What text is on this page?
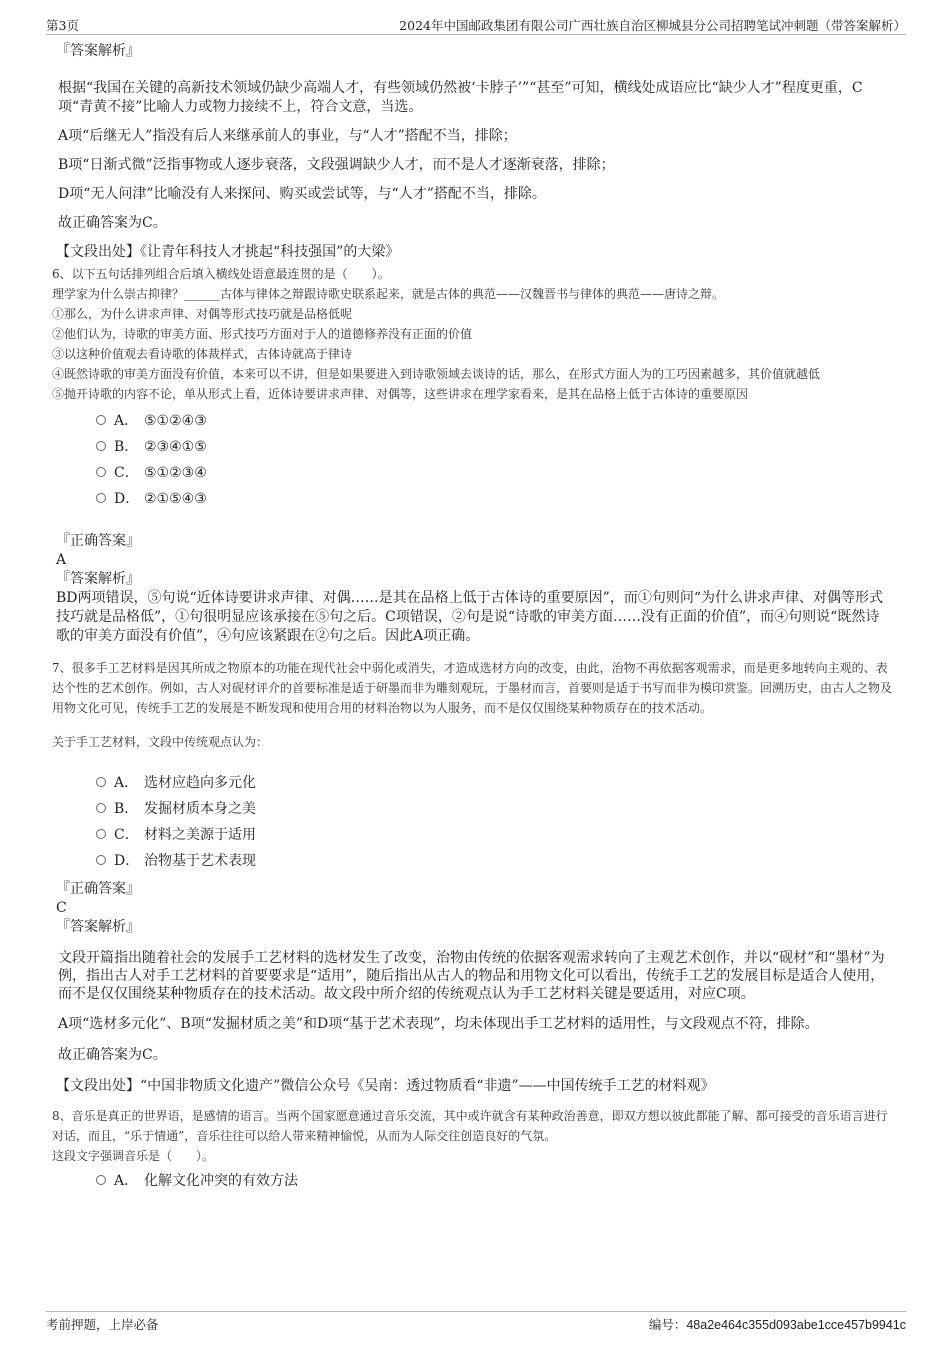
第3页	2024年中国邮政集团有限公司广西壮族自治区柳城县分公司招聘笔试冲刺题（带答案解析）

『答案解析』

根据“我国在关键的高新技术领域仍缺少高端人才，有些领域仍然被‘卡脖子’”“甚至”可知，横线处成语应比“缺少人才”程度更重，C项“青黄不接”比喻人力或物力接续不上，符合文意，当选。

A项“后继无人”指没有后人来继承前人的事业，与“人才”搭配不当，排除；

B项“日渐式微”泛指事物或人逐步衰落，文段强调缺少人才，而不是人才逐渐衰落，排除；

D项“无人问津”比喻没有人来探问、购买或尝试等，与“人才”搭配不当，排除。

故正确答案为C。

【文段出处】《让青年科技人才挑起“科技强国”的大梁》

6、以下五句话排列组合后填入横线处语意最连贯的是（　　）。

理学家为什么崇古抑律？______古体与律体之辩跟诗歌史联系起来，就是古体的典范——汉魏晋书与律体的典范——唐诗之辩。

①那么，为什么讲求声律、对偶等形式技巧就是品格低呢

②他们认为，诗歌的审美方面、形式技巧方面对于人的道德修养没有正面的价值

③以这种价值观去看诗歌的体裁样式，古体诗就高于律诗

④既然诗歌的审美方面没有价值，本来可以不讲，但是如果要进入到诗歌领域去谈诗的话，那么，在形式方面人为的工巧因素越多，其价值就越低

⑤抛开诗歌的内容不论，单从形式上看，近体诗要讲求声律、对偶等，这些讲求在理学家看来，是其在品格上低于古体诗的重要原因

A． ⑤①②④③
B． ②③④①⑤
C． ⑤①②③④
D． ②①⑤④③

『正确答案』

A

『答案解析』

BD两项错误，⑤句说“近体诗要讲求声律、对偶……是其在品格上低于古体诗的重要原因”，而①句则问“为什么讲求声律、对偶等形式技巧就是品格低”，①句很明显应该承接在⑤句之后。C项错误，②句是说“诗歌的审美方面……没有正面的价值”，而④句则说“既然诗歌的审美方面没有价值”，④句应该紧跟在②句之后。因此A项正确。

7、很多手工艺材料是因其所成之物原本的功能在现代社会中弱化或消失，才造成选材方向的改变，由此，治物不再依据客观需求，而是更多地转向主观的、表达个性的艺术创作。例如，古人对砚材评介的首要标准是适于研墨而非为雕刻观玩，于墨材而言，首要则是适于书写而非为模印赏鉴。回溯历史，由古人之物及用物文化可见，传统手工艺的发展是不断发现和使用合用的材料治物以为人服务，而不是仅仅围绕某种物质存在的技术活动。

关于手工艺材料，文段中传统观点认为：

A． 选材应趋向多元化
B． 发掘材质本身之美
C． 材料之美源于适用
D． 治物基于艺术表现

『正确答案』

C

『答案解析』

文段开篇指出随着社会的发展手工艺材料的选材发生了改变，治物由传统的依据客观需求转向了主观艺术创作，并以“砚材”和“墨材”为例，指出古人对手工艺材料的首要要求是“适用”，随后指出从古人的物品和用物文化可以看出，传统手工艺的发展目标是适合人使用，而不是仅仅围绕某种物质存在的技术活动。故文段中所介绍的传统观点认为手工艺材料关键是要适用，对应C项。

A项“选材多元化”、B项“发掘材质之美”和D项“基于艺术表现”，均未体现出手工艺材料的适用性，与文段观点不符，排除。

故正确答案为C。

【文段出处】“中国非物质文化遗产”微信公众号《吴南：透过物质看“非遗”——中国传统手工艺的材料观》

8、音乐是真正的世界语，是感情的语言。当两个国家愿意通过音乐交流，其中或许就含有某种政治善意，即双方想以彼此都能了解、都可接受的音乐语言进行对话，而且，“乐于情通”，音乐往往可以给人带来精神愉悦，从而为人际交往创造良好的气氛。

这段文字强调音乐是（　　）。

A． 化解文化冲突的有效方法
考前押题，上岸必备	编号：48a2e464c355d093abe1cce457b9941c
